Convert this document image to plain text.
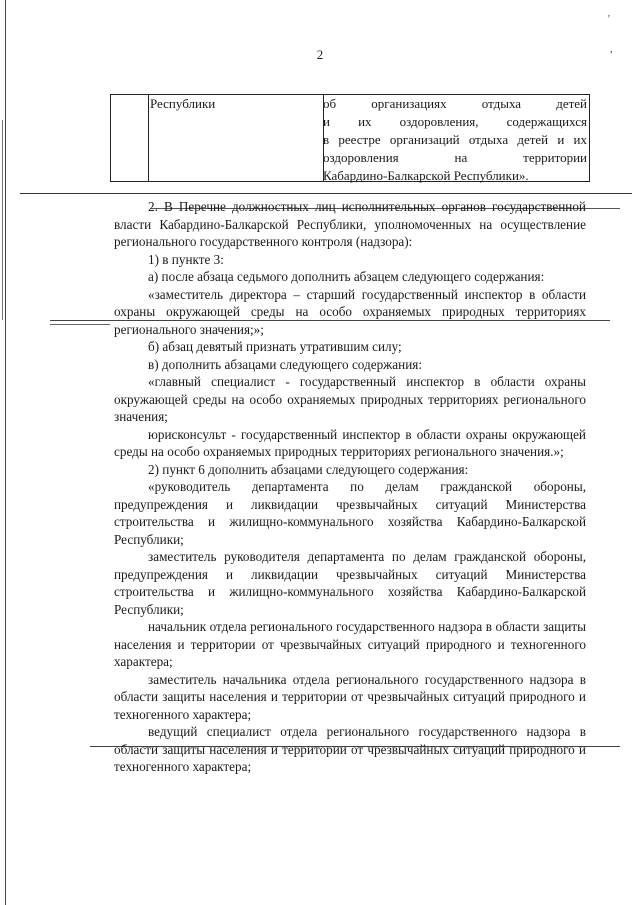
'
,
2
Республики	об организациях отдыха детей
и их оздоровления, содержащихся
в реестре организаций отдыха детей и их
оздоровления на территории
Кабардино-Балкарской Республики».

2. В Перечне должностных лиц исполнительных органов государственной власти Кабардино-Балкарской Республики, уполномоченных на осуществление регионального государственного контроля (надзора):

1) в пункте 3:

а) после абзаца седьмого дополнить абзацем следующего содержания:

«заместитель директора – старший государственный инспектор в области охраны окружающей среды на особо охраняемых природных территориях регионального значения;»;

б) абзац девятый признать утратившим силу;

в) дополнить абзацами следующего содержания:

«главный специалист - государственный инспектор в области охраны окружающей среды на особо охраняемых природных территориях регионального значения;

юрисконсульт - государственный инспектор в области охраны окружающей среды на особо охраняемых природных территориях регионального значения.»;

2) пункт 6 дополнить абзацами следующего содержания:

«руководитель департамента по делам гражданской обороны, предупреждения и ликвидации чрезвычайных ситуаций Министерства строительства и жилищно-коммунального хозяйства Кабардино-Балкарской Республики;

заместитель руководителя департамента по делам гражданской обороны, предупреждения и ликвидации чрезвычайных ситуаций Министерства строительства и жилищно-коммунального хозяйства Кабардино-Балкарской Республики;

начальник отдела регионального государственного надзора в области защиты населения и территории от чрезвычайных ситуаций природного и техногенного характера;

заместитель начальника отдела регионального государственного надзора в области защиты населения и территории от чрезвычайных ситуаций природного и техногенного характера;

ведущий специалист отдела регионального государственного надзора в области защиты населения и территории от чрезвычайных ситуаций природного и техногенного характера;
